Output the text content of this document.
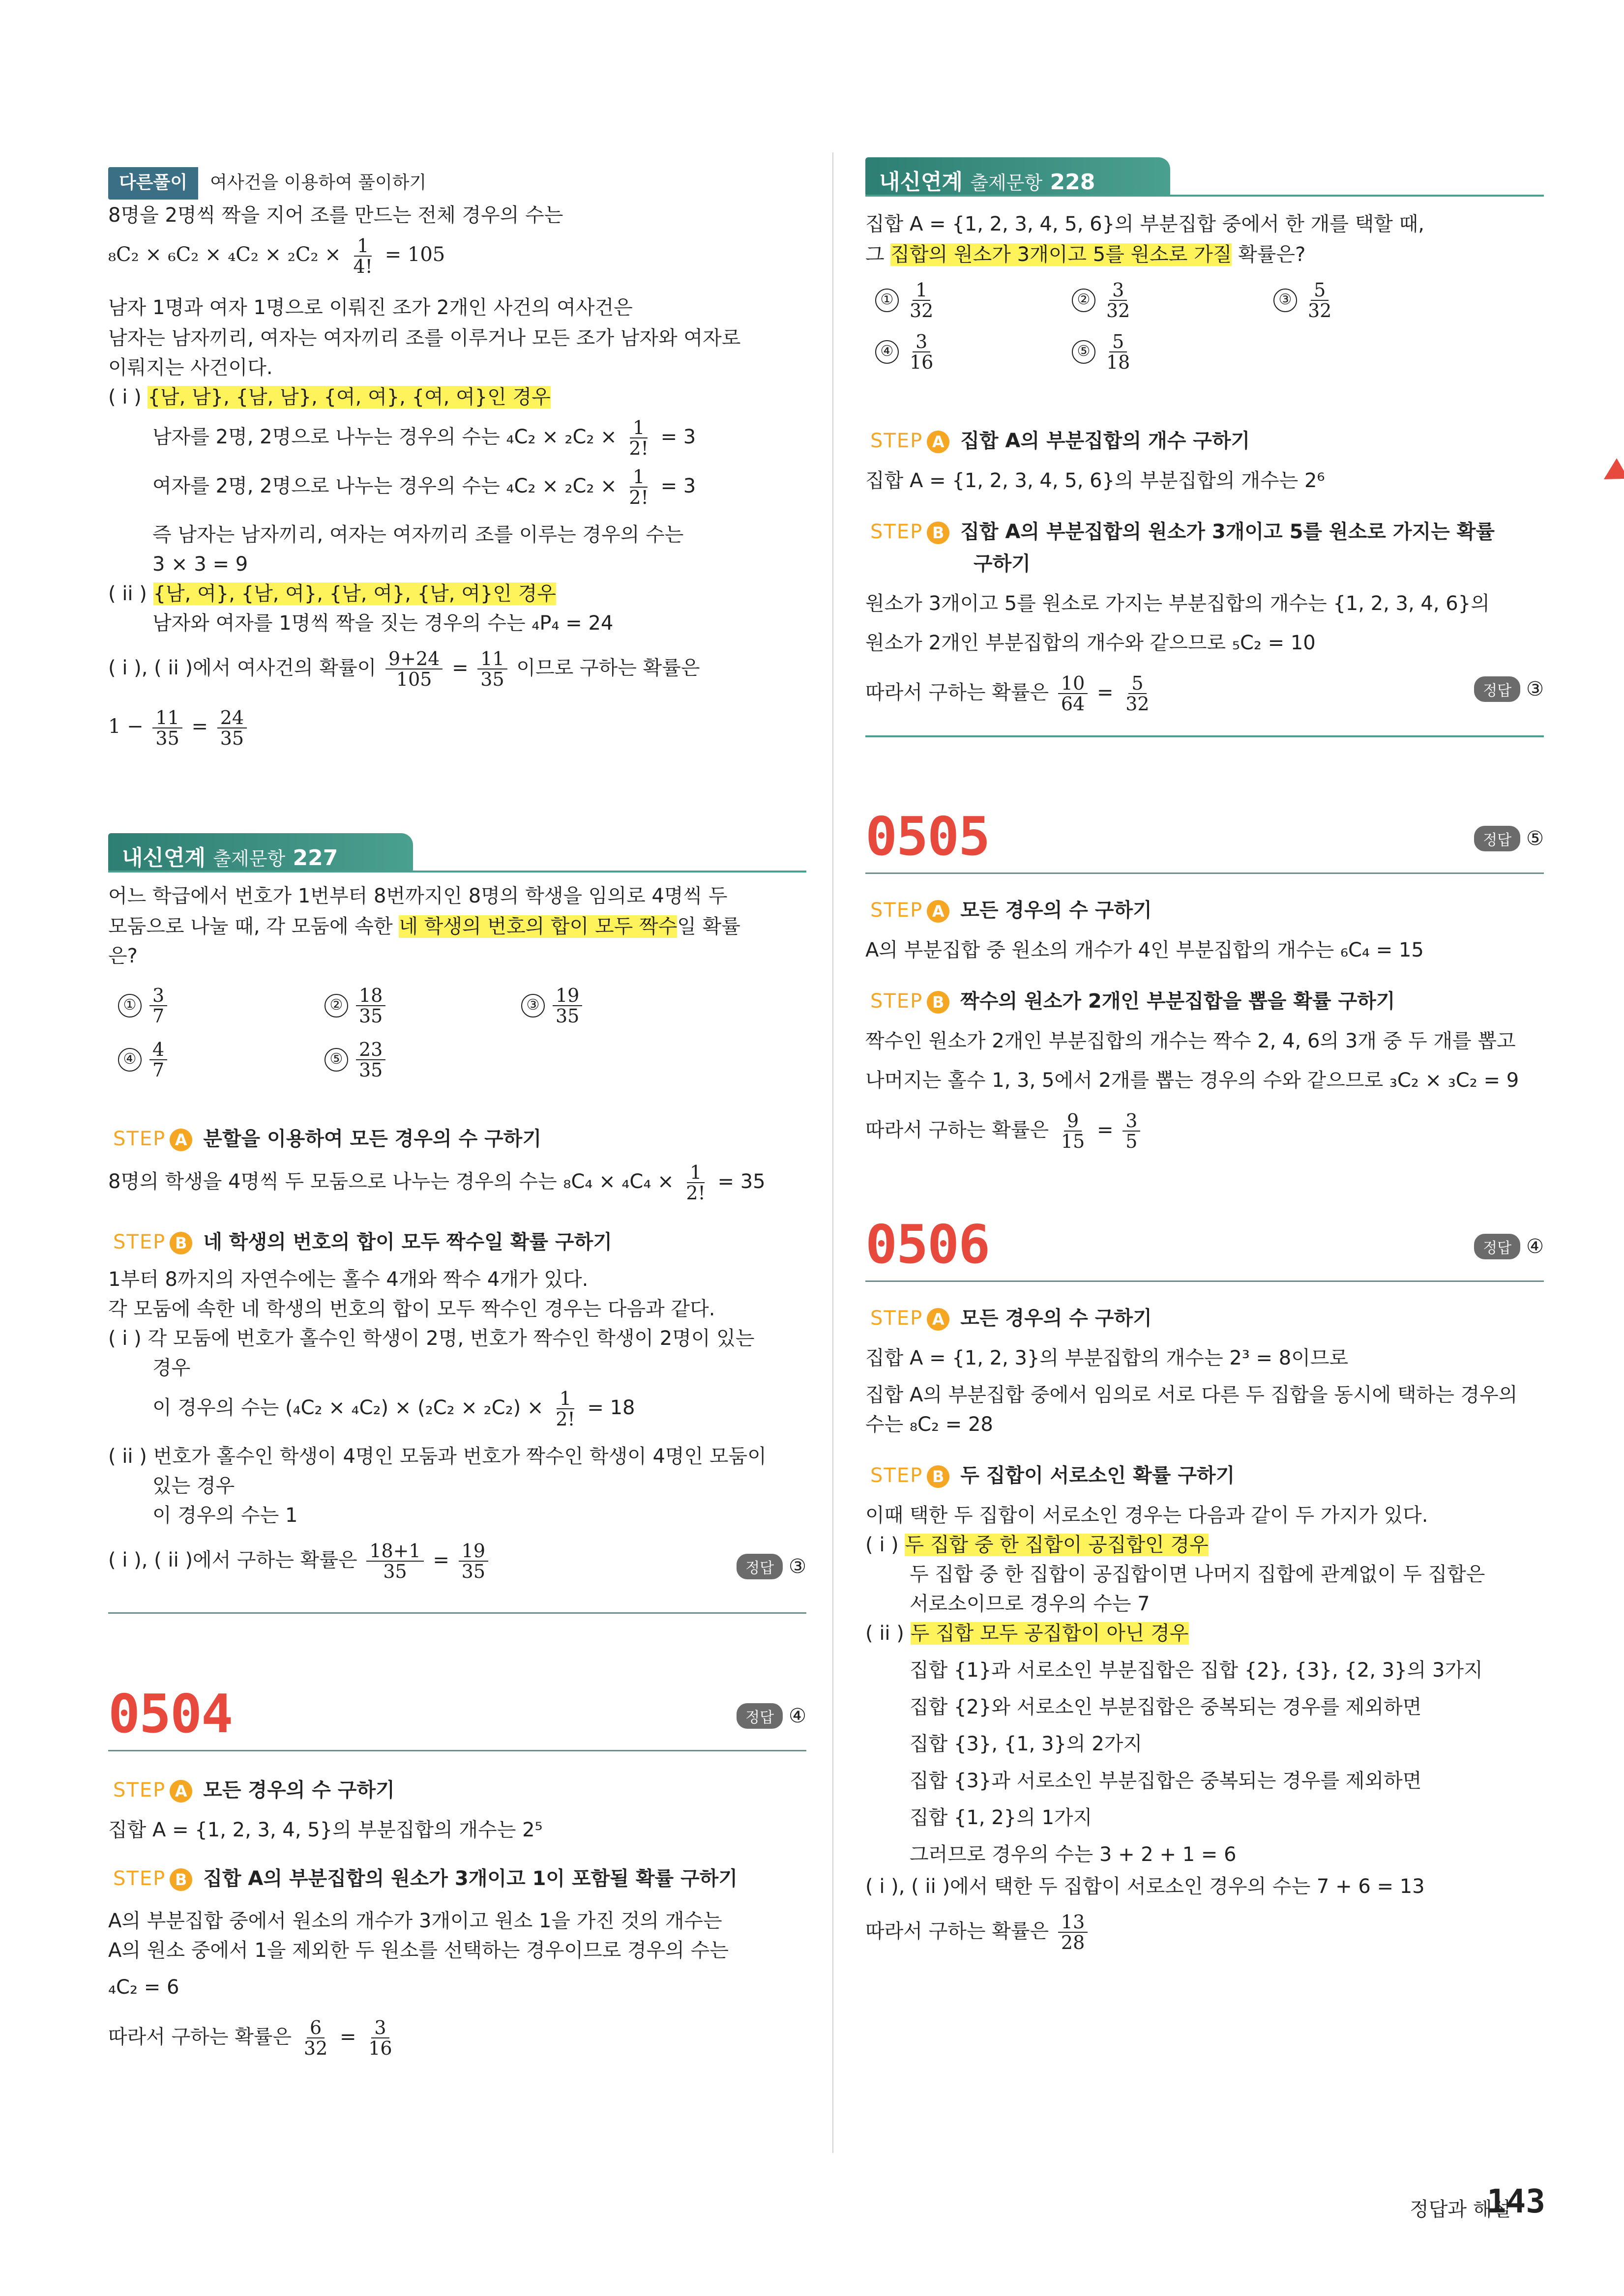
다른풀이 여사건을 이용하여 풀이하기
8명을 2명씩 짝을 지어 조를 만드는 전체 경우의 수는
$_8C_2 \times _6C_2 \times _4C_2 \times _2C_2 \times \frac{1}{4!} = 105$
남자 1명과 여자 1명으로 이뤄진 조가 2개인 사건의 여사건은
남자는 남자끼리, 여자는 여자끼리 조를 이루거나 모든 조가 남자와 여자로
이뤄지는 사건이다.
( i ) {남, 남}, {남, 남}, {여, 여}, {여, 여}인 경우
남자를 2명, 2명으로 나누는 경우의 수는 $_4C_2 \times _2C_2 \times \frac{1}{2!} = 3$
여자를 2명, 2명으로 나누는 경우의 수는 $_4C_2 \times _2C_2 \times \frac{1}{2!} = 3$
즉 남자는 남자끼리, 여자는 여자끼리 조를 이루는 경우의 수는
3 × 3 = 9
( ii ) {남, 여}, {남, 여}, {남, 여}, {남, 여}인 경우
남자와 여자를 1명씩 짝을 짓는 경우의 수는 ₄P₄ = 24
( i ), ( ii )에서 여사건의 확률이 $\frac{9+24}{105} = \frac{11}{35}$ 이므로 구하는 확률은
$1 - \frac{11}{35} = \frac{24}{35}$
내신연계 출제문항 227
어느 학급에서 번호가 1번부터 8번까지인 8명의 학생을 임의로 4명씩 두
모둠으로 나눌 때, 각 모둠에 속한 네 학생의 번호의 합이 모두 짝수일 확률
은?
① $\frac{3}{7}$	② $\frac{18}{35}$	③ $\frac{19}{35}$
④ $\frac{4}{7}$	⑤ $\frac{23}{35}$
STEP A 분할을 이용하여 모든 경우의 수 구하기
8명의 학생을 4명씩 두 모둠으로 나누는 경우의 수는 $_8C_4 \times _4C_4 \times \frac{1}{2!} = 35$
STEP B 네 학생의 번호의 합이 모두 짝수일 확률 구하기
1부터 8까지의 자연수에는 홀수 4개와 짝수 4개가 있다.
각 모둠에 속한 네 학생의 번호의 합이 모두 짝수인 경우는 다음과 같다.
( i ) 각 모둠에 번호가 홀수인 학생이 2명, 번호가 짝수인 학생이 2명이 있는
경우
이 경우의 수는 $(_4C_2 \times _4C_2) \times (_2C_2 \times _2C_2) \times \frac{1}{2!} = 18$
( ii ) 번호가 홀수인 학생이 4명인 모둠과 번호가 짝수인 학생이 4명인 모둠이
있는 경우
이 경우의 수는 1
( i ), ( ii )에서 구하는 확률은 $\frac{18+1}{35} = \frac{19}{35}$	정답 ③
0504	정답 ④
STEP A 모든 경우의 수 구하기
집합 A = {1, 2, 3, 4, 5}의 부분집합의 개수는 2⁵
STEP B 집합 A의 부분집합의 원소가 3개이고 1이 포함될 확률 구하기
A의 부분집합 중에서 원소의 개수가 3개이고 원소 1을 가진 것의 개수는
A의 원소 중에서 1을 제외한 두 원소를 선택하는 경우이므로 경우의 수는
₄C₂ = 6
따라서 구하는 확률은 $\frac{6}{32} = \frac{3}{16}$
내신연계 출제문항 228
집합 A = {1, 2, 3, 4, 5, 6}의 부분집합 중에서 한 개를 택할 때,
그 집합의 원소가 3개이고 5를 원소로 가질 확률은?
① $\frac{1}{32}$	② $\frac{3}{32}$	③ $\frac{5}{32}$
④ $\frac{3}{16}$	⑤ $\frac{5}{18}$
STEP A 집합 A의 부분집합의 개수 구하기
집합 A = {1, 2, 3, 4, 5, 6}의 부분집합의 개수는 2⁶
STEP B 집합 A의 부분집합의 원소가 3개이고 5를 원소로 가지는 확률
구하기
원소가 3개이고 5를 원소로 가지는 부분집합의 개수는 {1, 2, 3, 4, 6}의
원소가 2개인 부분집합의 개수와 같으므로 ₅C₂ = 10
따라서 구하는 확률은 $\frac{10}{64} = \frac{5}{32}$	정답 ③
0505	정답 ⑤
STEP A 모든 경우의 수 구하기
A의 부분집합 중 원소의 개수가 4인 부분집합의 개수는 ₆C₄ = 15
STEP B 짝수의 원소가 2개인 부분집합을 뽑을 확률 구하기
짝수인 원소가 2개인 부분집합의 개수는 짝수 2, 4, 6의 3개 중 두 개를 뽑고
나머지는 홀수 1, 3, 5에서 2개를 뽑는 경우의 수와 같으므로 ₃C₂ × ₃C₂ = 9
따라서 구하는 확률은 $\frac{9}{15} = \frac{3}{5}$
0506	정답 ④
STEP A 모든 경우의 수 구하기
집합 A = {1, 2, 3}의 부분집합의 개수는 2³ = 8이므로
집합 A의 부분집합 중에서 임의로 서로 다른 두 집합을 동시에 택하는 경우의
수는 ₈C₂ = 28
STEP B 두 집합이 서로소인 확률 구하기
이때 택한 두 집합이 서로소인 경우는 다음과 같이 두 가지가 있다.
( i ) 두 집합 중 한 집합이 공집합인 경우
두 집합 중 한 집합이 공집합이면 나머지 집합에 관계없이 두 집합은
서로소이므로 경우의 수는 7
( ii ) 두 집합 모두 공집합이 아닌 경우
집합 {1}과 서로소인 부분집합은 집합 {2}, {3}, {2, 3}의 3가지
집합 {2}와 서로소인 부분집합은 중복되는 경우를 제외하면
집합 {3}, {1, 3}의 2가지
집합 {3}과 서로소인 부분집합은 중복되는 경우를 제외하면
집합 {1, 2}의 1가지
그러므로 경우의 수는 3 + 2 + 1 = 6
( i ), ( ii )에서 택한 두 집합이 서로소인 경우의 수는 7 + 6 = 13
따라서 구하는 확률은 $\frac{13}{28}$
정답과 해설
143
